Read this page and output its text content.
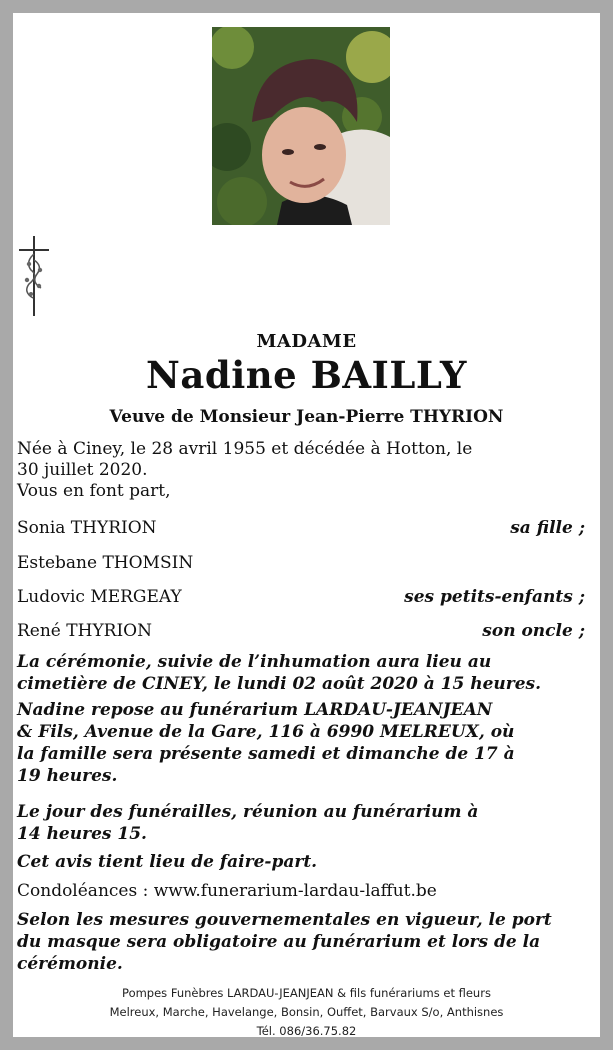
MADAME
Nadine BAILLY
Veuve de Monsieur Jean-Pierre THYRION
Née à Ciney, le 28 avril 1955 et décédée à Hotton, le
30 juillet 2020.
Vous en font part,
Sonia THYRION	sa fille ;
Estebane THOMSIN
Ludovic MERGEAY	ses petits-enfants ;
René THYRION	son oncle ;
La cérémonie, suivie de l’inhumation aura lieu au
cimetière de CINEY, le lundi 02 août 2020 à 15 heures.
Nadine repose au funérarium LARDAU-JEANJEAN
& Fils, Avenue de la Gare, 116 à 6990 MELREUX, où
la famille sera présente samedi et dimanche de 17 à
19 heures.
Le jour des funérailles, réunion au funérarium à
14 heures 15.
Cet avis tient lieu de faire-part.
Condoléances : www.funerarium-lardau-laffut.be
Selon les mesures gouvernementales en vigueur, le port
du masque sera obligatoire au funérarium et lors de la
cérémonie.
Pompes Funèbres LARDAU-JEANJEAN & fils funérariums et fleurs
Melreux, Marche, Havelange, Bonsin, Ouffet, Barvaux S/o, Anthisnes
Tél. 086/36.75.82
